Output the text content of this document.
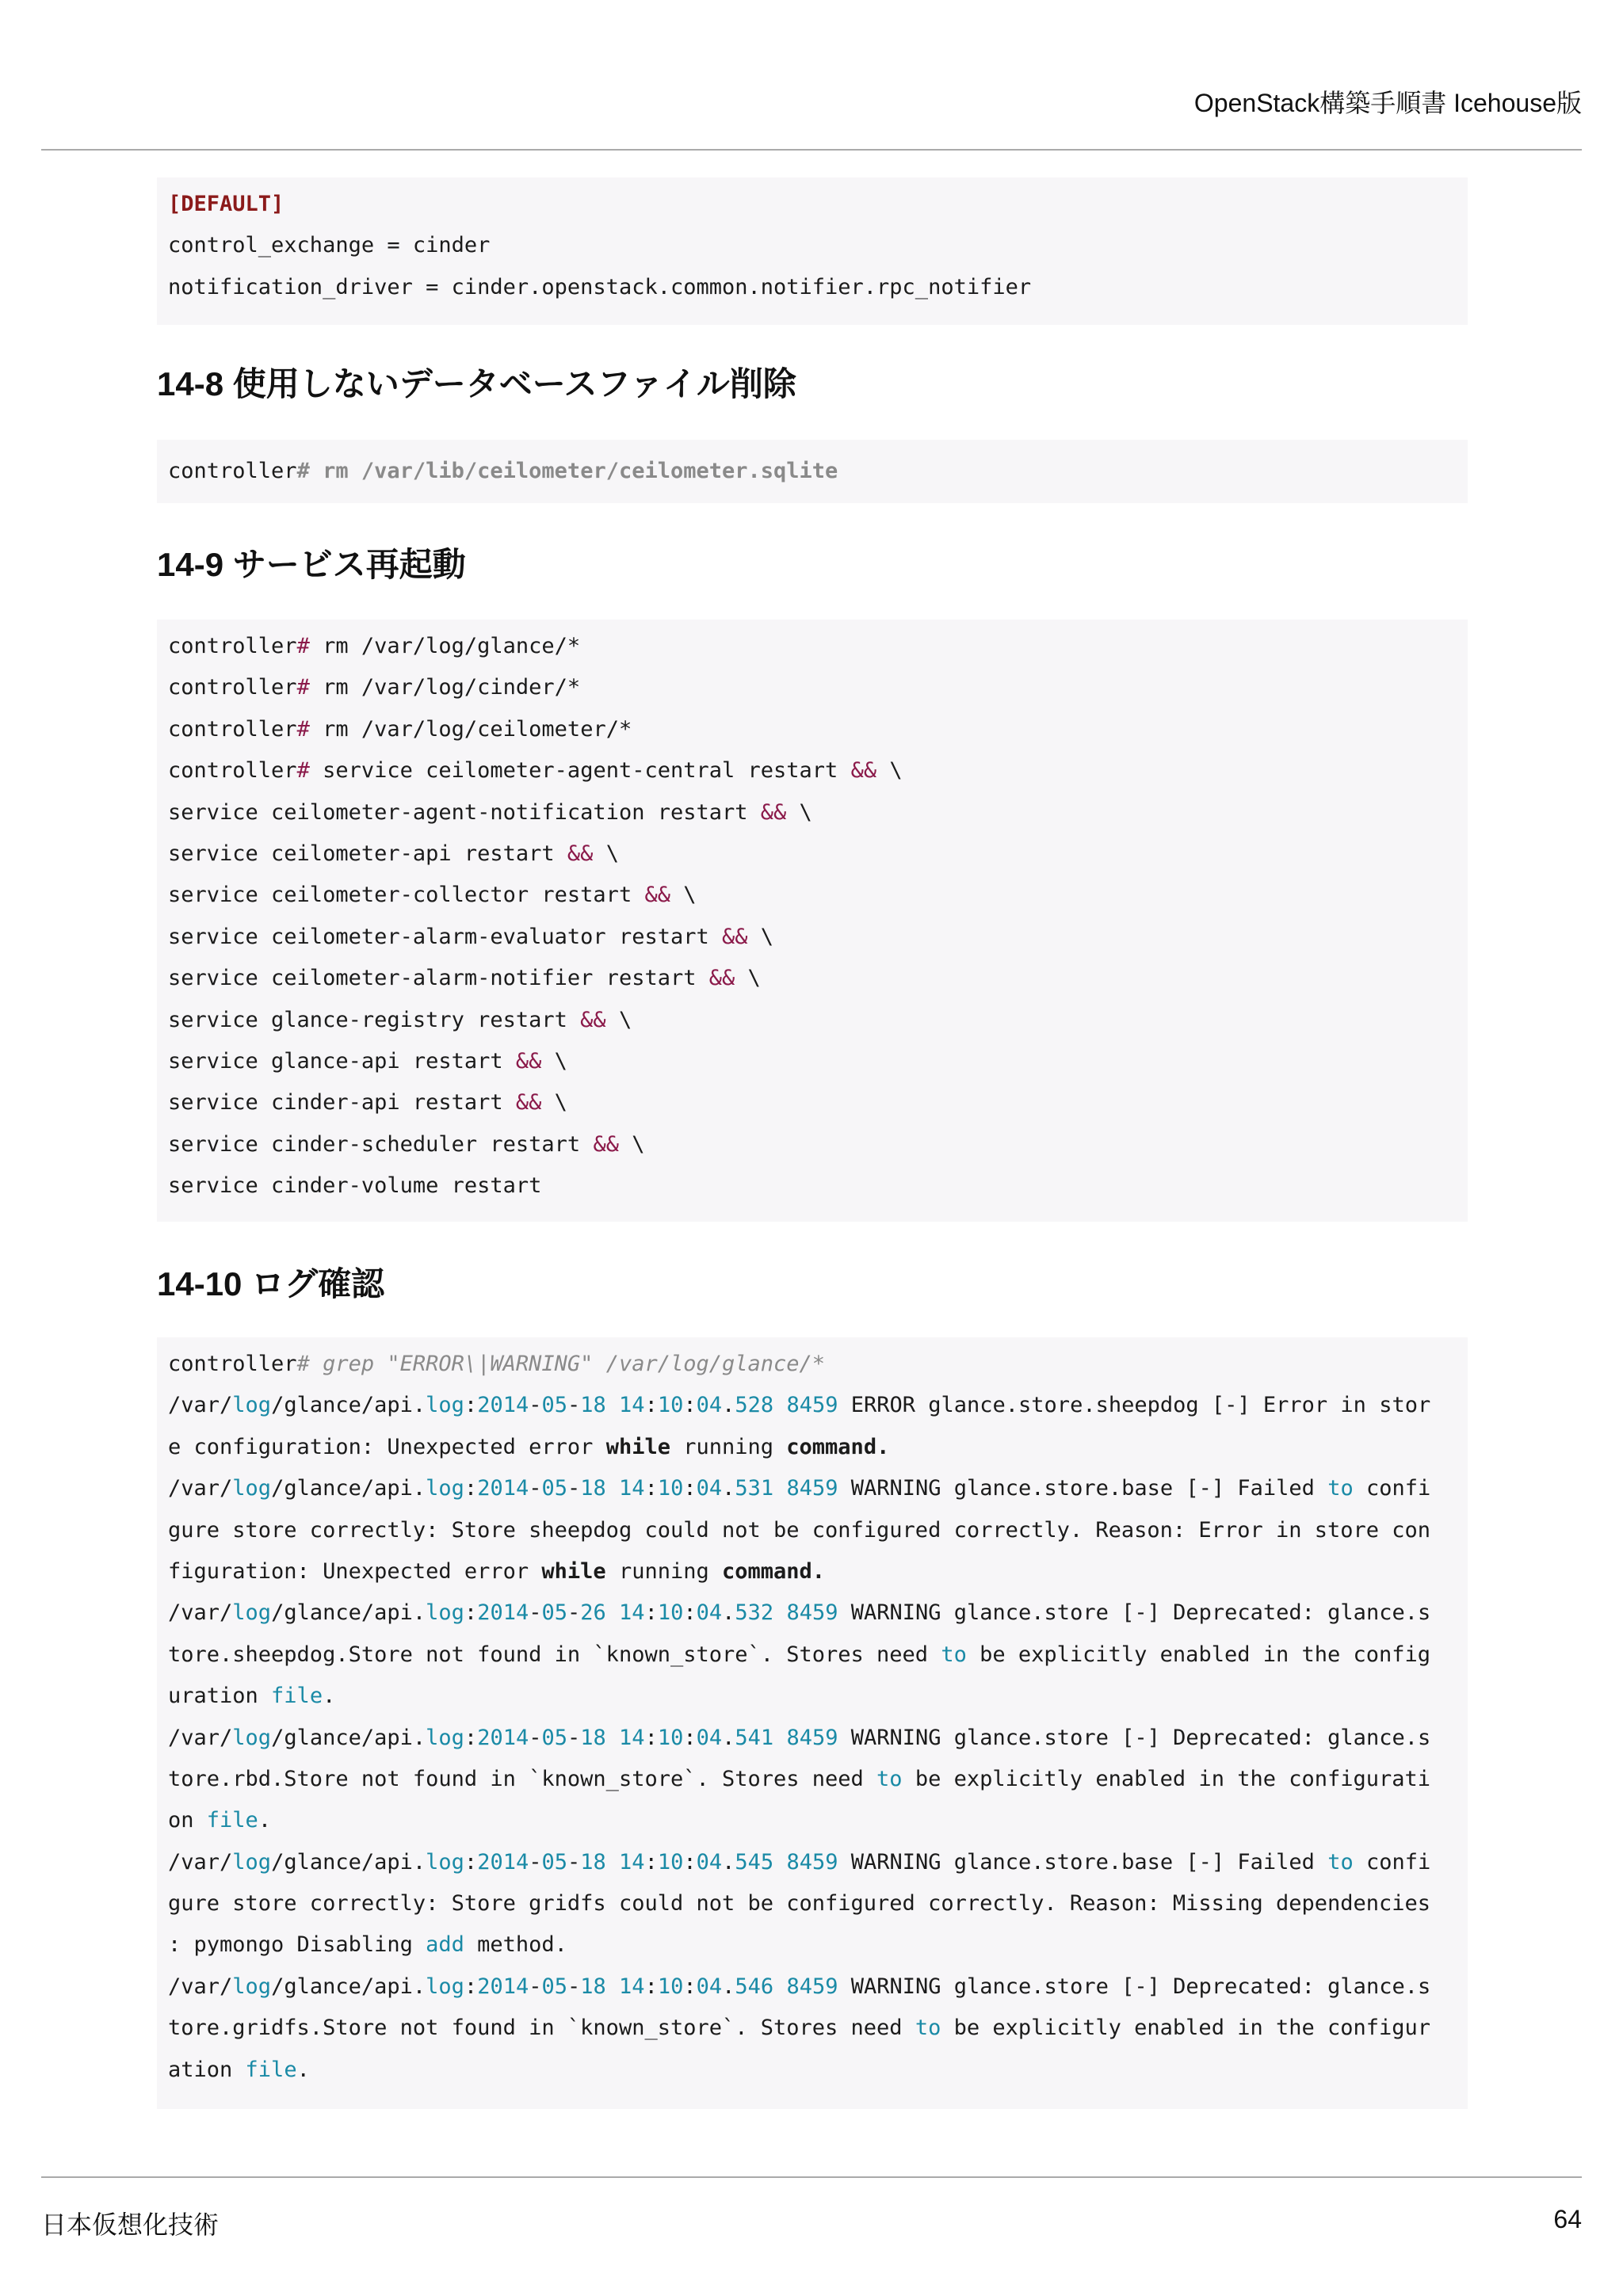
OpenStack構築手順書 Icehouse版
[DEFAULT]
control_exchange = cinder
notification_driver = cinder.openstack.common.notifier.rpc_notifier
14-8 使用しないデータベースファイル削除
controller# rm /var/lib/ceilometer/ceilometer.sqlite
14-9 サービス再起動
controller# rm /var/log/glance/*
controller# rm /var/log/cinder/*
controller# rm /var/log/ceilometer/*
controller# service ceilometer-agent-central restart && \
service ceilometer-agent-notification restart && \
service ceilometer-api restart && \
service ceilometer-collector restart && \
service ceilometer-alarm-evaluator restart && \
service ceilometer-alarm-notifier restart && \
service glance-registry restart && \
service glance-api restart && \
service cinder-api restart && \
service cinder-scheduler restart && \
service cinder-volume restart
14-10 ログ確認
controller# grep "ERROR\|WARNING" /var/log/glance/*
/var/log/glance/api.log:2014-05-18 14:10:04.528 8459 ERROR glance.store.sheepdog [-] Error in stor
e configuration: Unexpected error while running command.
/var/log/glance/api.log:2014-05-18 14:10:04.531 8459 WARNING glance.store.base [-] Failed to confi
gure store correctly: Store sheepdog could not be configured correctly. Reason: Error in store con
figuration: Unexpected error while running command.
/var/log/glance/api.log:2014-05-26 14:10:04.532 8459 WARNING glance.store [-] Deprecated: glance.s
tore.sheepdog.Store not found in `known_store`. Stores need to be explicitly enabled in the config
uration file.
/var/log/glance/api.log:2014-05-18 14:10:04.541 8459 WARNING glance.store [-] Deprecated: glance.s
tore.rbd.Store not found in `known_store`. Stores need to be explicitly enabled in the configurati
on file.
/var/log/glance/api.log:2014-05-18 14:10:04.545 8459 WARNING glance.store.base [-] Failed to confi
gure store correctly: Store gridfs could not be configured correctly. Reason: Missing dependencies
: pymongo Disabling add method.
/var/log/glance/api.log:2014-05-18 14:10:04.546 8459 WARNING glance.store [-] Deprecated: glance.s
tore.gridfs.Store not found in `known_store`. Stores need to be explicitly enabled in the configur
ation file.
日本仮想化技術	64
